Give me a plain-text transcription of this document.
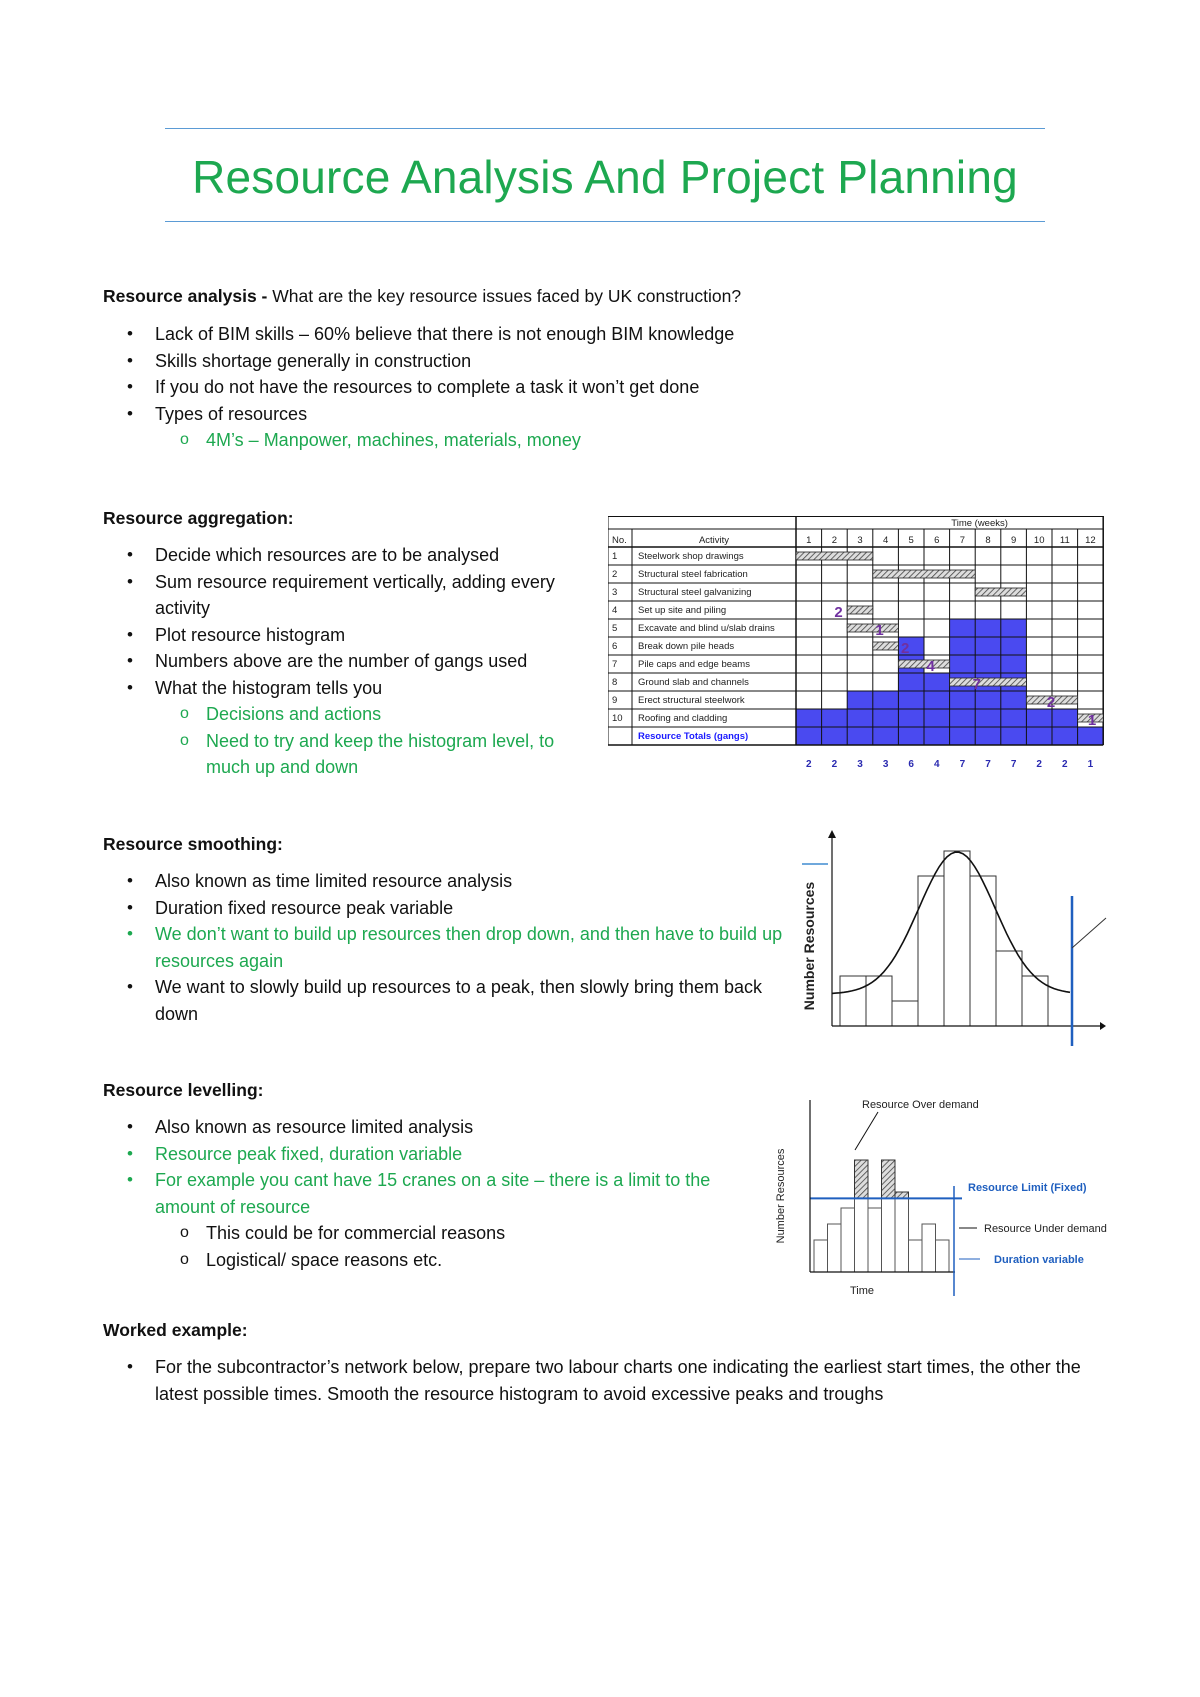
Resource Analysis And Project Planning
Resource analysis - What are the key resource issues faced by UK construction?
• Lack of BIM skills – 60% believe that there is not enough BIM knowledge
• Skills shortage generally in construction
• If you do not have the resources to complete a task it won’t get done
• Types of resources
o 4M’s – Manpower, machines, materials, money
Resource aggregation:
• Decide which resources are to be analysed
• Sum resource requirement vertically, adding every activity
• Plot resource histogram
• Numbers above are the number of gangs used
• What the histogram tells you
o Decisions and actions
o Need to try and keep the histogram level, to much up and down
Time (weeks)
No.	Activity	1 2 3 4 5 6 7 8 9 10 11 12
1 Steelwork shop drawings
2 Structural steel fabrication
3 Structural steel galvanizing
4 Set up site and piling
5 Excavate and blind u/slab drains
6 Break down pile heads
7 Pile caps and edge beams
8 Ground slab and channels
9 Erect structural steelwork
10 Roofing and cladding
Resource Totals (gangs)
2
1
2
4
7
2
1
2 2 3 3 6 4 7 7 7 2 2 1
Resource smoothing:
• Also known as time limited resource analysis
• Duration fixed resource peak variable
• We don’t want to build up resources then drop down, and then have to build up resources again
• We want to slowly build up resources to a peak, then slowly bring them back down
Number Resources
Resource levelling:
• Also known as resource limited analysis
• Resource peak fixed, duration variable
• For example you cant have 15 cranes on a site – there is a limit to the amount of resource
o This could be for commercial reasons
o Logistical/ space reasons etc.
Resource Over demand
Resource Limit (Fixed)
Resource Under demand
Duration variable
Time
Number Resources
Worked example:
• For the subcontractor’s network below, prepare two labour charts one indicating the earliest start times, the other the latest possible times. Smooth the resource histogram to avoid excessive peaks and troughs
